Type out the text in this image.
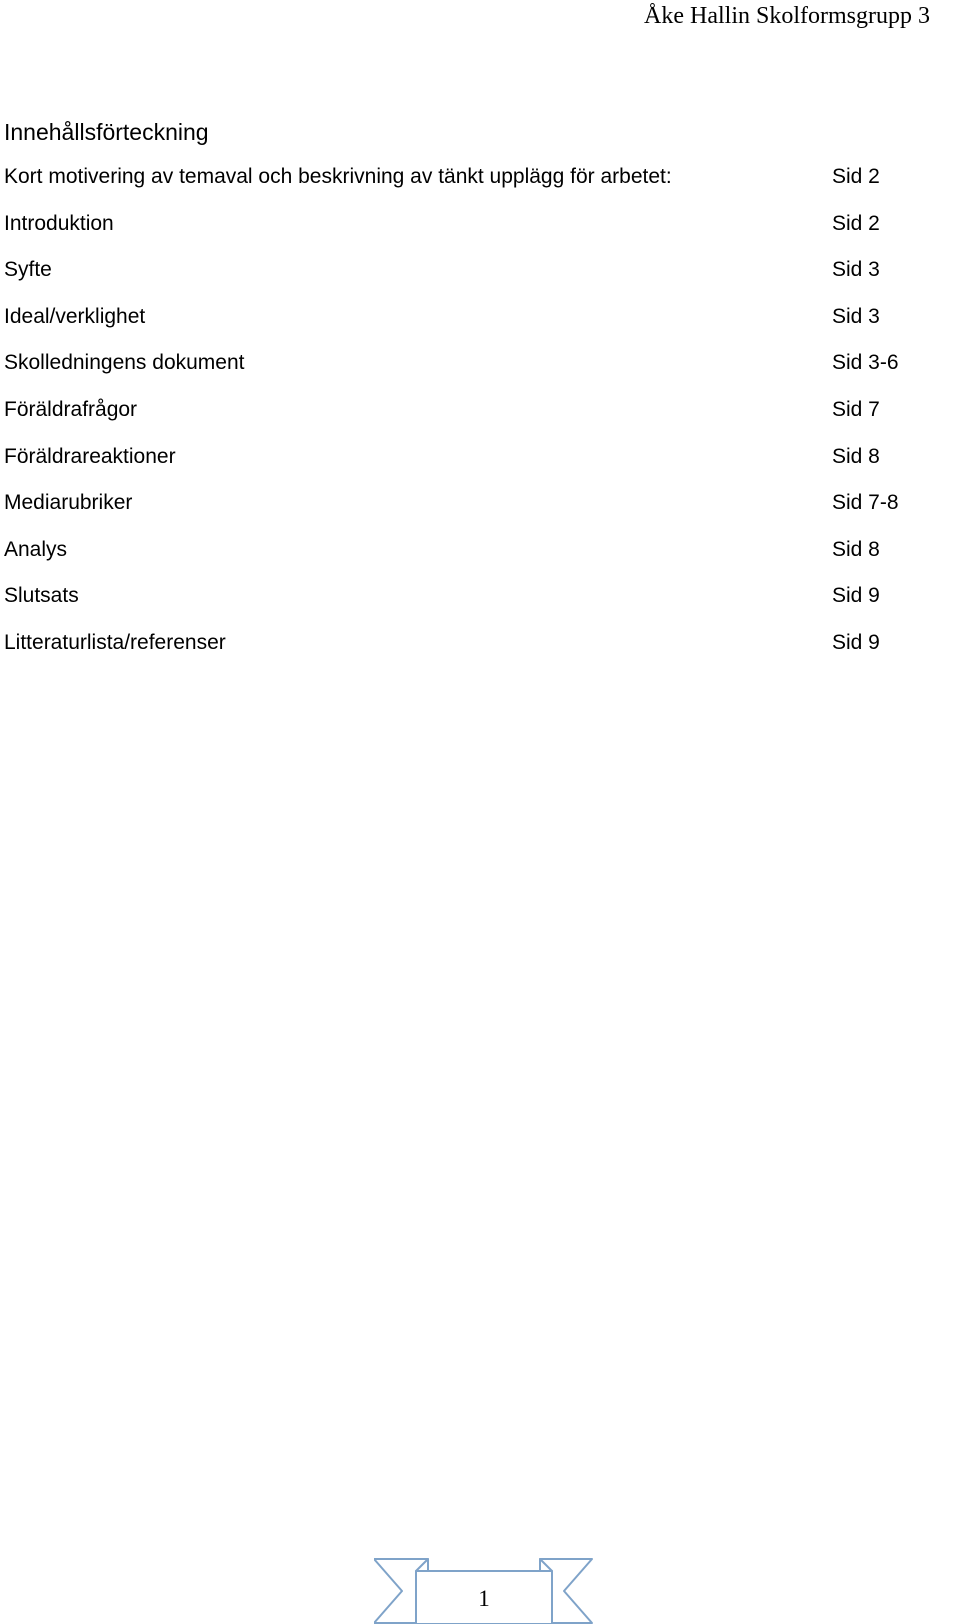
Åke Hallin Skolformsgrupp 3
Innehållsförteckning
Kort motivering av temaval och beskrivning av tänkt upplägg för arbetet:	Sid 2
Introduktion	Sid 2
Syfte	Sid 3
Ideal/verklighet	Sid 3
Skolledningens dokument	Sid 3-6
Föräldrafrågor	Sid 7
Föräldrareaktioner	Sid 8
Mediarubriker	Sid 7-8
Analys	Sid 8
Slutsats	Sid 9
Litteraturlista/referenser	Sid 9
1
